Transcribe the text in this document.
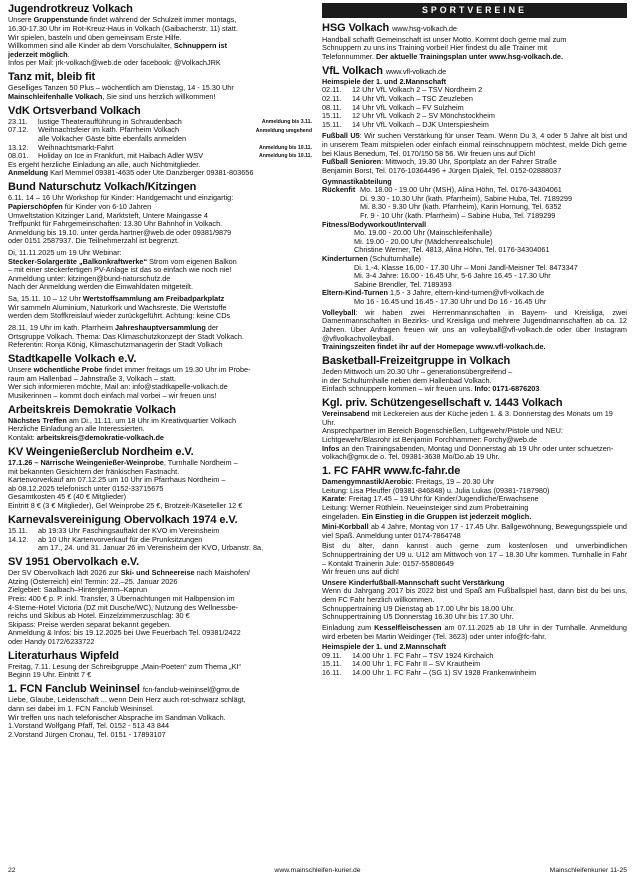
Jugendrotkreuz Volkach
Unsere Gruppenstunde findet während der Schulzeit immer montags,
16.30-17.30 Uhr im Rot-Kreuz-Haus in Volkach (Gaibacherstr. 11) statt.
Wir spielen, basteln und üben gemeinsam Erste Hilfe.
Willkommen sind alle Kinder ab dem Vorschulalter, Schnuppern ist
jederzeit möglich.
Infos per Mail: jrk-volkach@web.de oder facebook: @VolkachJRK
Tanz mit, bleib fit
Geselliges Tanzen 50 Plus – wöchentlich am Dienstag, 14 - 15.30 Uhr
Mainschleifenhalle Volkach, Sie sind uns herzlich willkommen!
VdK Ortsverband Volkach
23.11.	lustige Theateraufführung in Schraudenbach	Anmeldung bis 3.11.
07.12.	Weihnachtsfeier im kath. Pfarrheim Volkach	Anmeldung umgehend
alle Volkacher Gäste bitte ebenfalls anmelden
13.12.	Weihnachtsmarkt-Fahrt	Anmeldung bis 10.11.
08.01.	Holiday on Ice in Frankfurt, mit Haibach Adler WSV	Anmeldung bis 10.11.
Es ergeht herzliche Einladung an alle, auch Nichtmitglieder.
Anmeldung Karl Memmel 09381-4635 oder Ute Danzberger 09381-803656
Bund Naturschutz Volkach/Kitzingen
6.11. 14 – 16 Uhr Workshop für Kinder: Handgemacht und einzigartig:
Papierschöpfen für Kinder von 6-10 Jahren
Umweltstation Kitzinger Land, Marktsteft, Untere Maingasse 4
Treffpunkt für Fahrgemeinschaften: 13.30 Uhr Bahnhof in Volkach.
Anmeldung bis 19.10. unter gerda.hartner@web.de oder 09381/9879
oder 0151 2587937. Die Teilnehmerzahl ist begrenzt.
Di, 11.11.2025 um 19 Uhr Webinar:
Stecker-Solargeräte „Balkonkraftwerke“ Strom vom eigenen Balkon
– mit einer steckerfertigen PV-Anlage ist das so einfach wie noch nie!
Anmeldung unter: kitzingen@bund-naturschutz.de
Nach der Anmeldung werden die Einwahldaten mitgeteilt.
Sa, 15.11. 10 – 12 Uhr Wertstoffsammlung am Freibadparkplatz
Wir sammeln Aluminium, Naturkork und Wachsreste. Die Wertstoffe
werden dem Stoffkreislauf wieder zurückgeführt. Achtung: keine CDs
28.11. 19 Uhr im kath. Pfarrheim Jahreshauptversammlung der
Ortsgruppe Volkach. Thema: Das Klimaschutzkonzept der Stadt Volkach.
Referentin: Ronja König, Klimaschutzmanagerin der Stadt Volkach
Stadtkapelle Volkach e.V.
Unsere wöchentliche Probe findet immer freitags um 19.30 Uhr im Probe-
raum am Hallenbad – Jahnstraße 3, Volkach – statt.
Wer sich informieren möchte, Mail an: info@stadtkapelle-volkach.de
Musikerinnen – kommt doch einfach mal vorbei – wir freuen uns!
Arbeitskreis Demokratie Volkach
Nächstes Treffen am Di., 11.11. um 18 Uhr im Kreativquartier Volkach
Herzliche Einladung an alle Interessierten.
Kontakt: arbeitskreis@demokratie-volkach.de
KV Weingenießerclub Nordheim e.V.
17.1.26 – Närrische Weingenießer-Weinprobe, Turnhalle Nordheim –
mit bekannten Gesichtern der fränkischen Fastnacht.
Kartenvorverkauf am 07.12.25 um 10 Uhr im Pfarrhaus Nordheim –
ab 08.12.2025 telefonisch unter 0152-33715675
Gesamtkosten 45 € (40 € Mitglieder)
Eintritt 8 € (3 € Mitglieder), Gel Weinprobe 25 €, Brotzeit-/Käseteller 12 €
Karnevalsvereinigung Obervolkach 1974 e.V.
15.11.	ab 19:33 Uhr Faschingsauftakt der KVO im Vereinsheim
14.12.	ab 10 Uhr Kartenvorverkauf für die Prunksitzungen
am 17., 24. und 31. Januar 26 im Vereinsheim der KVO, Urbanstr. 8a.
SV 1951 Obervolkach e.V.
Der SV Obervolkach lädt 2026 zur Ski- und Schneereise nach Maishofen/
Atzing (Österreich) ein! Termin: 22.–25. Januar 2026
Zielgebiet: Saalbach–Hinterglemm–Kaprun
Preis: 400 € p. P. inkl. Transfer, 3 Übernachtungen mit Halbpension im
4-Sterne-Hotel Victoria (DZ mit Dusche/WC), Nutzung des Wellnessbe-
reichs und Skibus ab Hotel. Einzelzimmerzuschlag: 30 €
Skipass: Preise werden separat bekannt gegeben.
Anmeldung & Infos: bis 19.12.2025 bei Uwe Feuerbach Tel. 09381/2422
oder Handy 0172/6233722
Literaturhaus Wipfeld
Freitag, 7.11. Lesung der Schreibgruppe „Main-Poeten“ zum Thema „KI“
Beginn 19 Uhr. Eintritt 7 €
1. FCN Fanclub Weininsel fcn-fanclub-weininsel@gmx.de
Liebe, Glaube, Leidenschaft ... wenn Dein Herz auch rot-schwarz schlägt,
dann sei dabei im 1. FCN Fanclub Weininsel.
Wir treffen uns nach telefonischer Absprache im Sandman Volkach.
1.Vorstand Wolfgang Pfaff, Tel. 0152 - 513 43 844
2.Vorstand Jürgen Cronau, Tel. 0151 - 17893107
SPORTVEREINE
HSG Volkach www.hsg-volkach.de
Handball schafft Gemeinschaft ist unser Motto. Kommt doch gerne mal zum
Schnuppern zu uns ins Training vorbei! Hier findest du alle Trainer mit
Telefonnummer. Der aktuelle Trainingsplan unter www.hsg-volkach.de.
VfL Volkach www.vfl-volkach.de
Heimspiele der 1. und 2.Mannschaft
02.11.	12 Uhr VfL Volkach 2 – TSV Nordheim 2
02.11.	14 Uhr VfL Volkach – TSC Zeuzleben
08.11.	14 Uhr VfL Volkach – FV Sulzheim
15.11.	12 Uhr VfL Volkach 2 – SV Mönchstockheim
15.11.	14 Uhr VfL Volkach – DJK Unterspiesheim
Fußball U5: Wir suchen Verstärkung für unser Team. Wenn Du 3, 4 oder 5 Jahre alt bist und in unserem Team mitspielen oder einfach einmal reinschnuppern möchtest, melde Dich gerne bei Klaus Benedum, Tel. 0170/150 58 56. Wir freuen uns auf Dich!
Fußball Senioren: Mittwoch, 19.30 Uhr, Sportplatz an der Fahrer Straße
Benjamin Borst, Tel. 0176-10364496 + Jürgen Djalek, Tel. 0152-02888037
Gymnastikabteilung
Rückenfit Mo. 18.00 - 19.00 Uhr (MSH), Alina Höhn, Tel. 0176-34304061
Di. 9.30 - 10.30 Uhr (kath. Pfarrheim), Sabine Huba, Tel. 7189299
Mi. 8.30 - 9.30 Uhr (kath. Pfarrheim), Karin Hornung, Tel. 6352
Fr. 9 - 10 Uhr (kath. Pfarrheim) – Sabine Huba, Tel. 7189299
Fitness/Bodyworkout/Intervall
Mo. 19.00 - 20.00 Uhr (Mainschleifenhalle)
Mi. 19.00 - 20.00 Uhr (Mädchenrealschule)
Christine Werner, Tel. 4813, Alina Höhn, Tel. 0176-34304061
Kinderturnen (Schulturnhalle)
Di. 1.-4. Klasse 16.00 - 17.30 Uhr – Moni Jandl-Meisner Tel. 8473347
Mi. 3-4 Jahre: 16.00 - 16.45 Uhr, 5-6 Jahre 16.45 - 17.30 Uhr
Sabine Brendler, Tel. 7189393
Eltern-Kind-Turnen 1,5 - 3 Jahre, eltern-kind-turnen@vfl-volkach.de
Mo 16 - 16.45 und 16.45 - 17.30 Uhr und Do 16 - 16.45 Uhr
Volleyball: wir haben zwei Herrenmannschaften in Bayern- und Kreisliga, zwei Damenmannschaften in Bezirks- und Kreisliga und mehrere Jugendmannschaften ab ca. 12 Jahren. Über Anfragen freuen wir uns an volleyball@vfl-volkach.de oder über Instagram @vflvolkachvolleyball.
Trainingszeiten findet ihr auf der Homepage www.vfl-volkach.de.
Basketball-Freizeitgruppe in Volkach
Jeden Mittwoch um 20.30 Uhr – generationsübergreifend –
in der Schulturnhalle neben dem Hallenbad Volkach.
Einfach schnuppern kommen – wir freuen uns. Info: 0171-6876203
Kgl. priv. Schützengesellschaft v. 1443 Volkach
Vereinsabend mit Leckereien aus der Küche jeden 1. & 3. Donnerstag des Monats um 19 Uhr.
Ansprechpartner im Bereich Bogenschießen, Luftgewehr/Pistole und NEU: Lichtgewehr/Blasrohr ist Benjamin Forchhammer: Forchy@web.de
Infos an den Trainingsabenden, Montag und Donnerstag ab 19 Uhr oder unter schuetzen-volkach@gmx.de o. Tel. 09381-3638 Mo/Do.ab 19 Uhr.
1. FC FAHR www.fc-fahr.de
Damengymnastik/Aerobic: Freitags, 19 – 20.30 Uhr
Leitung: Lisa Pfeuffer (09381-846848) u. Julia Lukas (09381-7187980)
Karate: Freitag 17.45 – 19 Uhr für Kinder/Jugendliche/Erwachsene
Leitung: Werner Rüthlein. Neueinsteiger sind zum Probetraining
eingeladen. Ein Einstieg in die Gruppen ist jederzeit möglich.
Mini-Korbball ab 4 Jahre, Montag von 17 - 17.45 Uhr. Ballgewöhnung, Bewegungsspiele und viel Spaß. Anmeldung unter 0174-7864748
Bist du älter, dann kannst auch gerne zum kostenlosen und unverbindlichen Schnuppertraining der U9 u. U12 am Mittwoch von 17 – 18.30 Uhr kommen. Turnhalle in Fahr – Kontakt Trainerin Jule: 0157-55808649
Wir freuen uns auf dich!
Unsere Kinderfußball-Mannschaft sucht Verstärkung
Wenn du Jahrgang 2017 bis 2022 bist und Spaß am Fußballspiel hast, dann bist du bei uns, dem FC Fahr herzlich willkommen.
Schnuppertraining U9 Dienstag ab 17.00 Uhr bis 18.00 Uhr.
Schnuppertraining U5 Donnerstag 16.30 Uhr bis 17.30 Uhr.
Einladung zum Kesselfleischessen am 07.11.2025 ab 18 Uhr in der Turnhalle. Anmeldung wird erbeten bei Martin Weidinger (Tel. 3623) oder unter info@fc-fahr.
Heimspiele der 1. und 2.Mannschaft
09.11.	14.00 Uhr 1. FC Fahr – TSV 1924 Kirchaich
15.11.	14.00 Uhr 1. FC Fahr II – SV Krautheim
16.11.	14.00 Uhr 1. FC Fahr – (SG 1) SV 1928 Frankenwinheim
22	www.mainschleifen-kurier.de	Mainschleifenkurier 11-25
